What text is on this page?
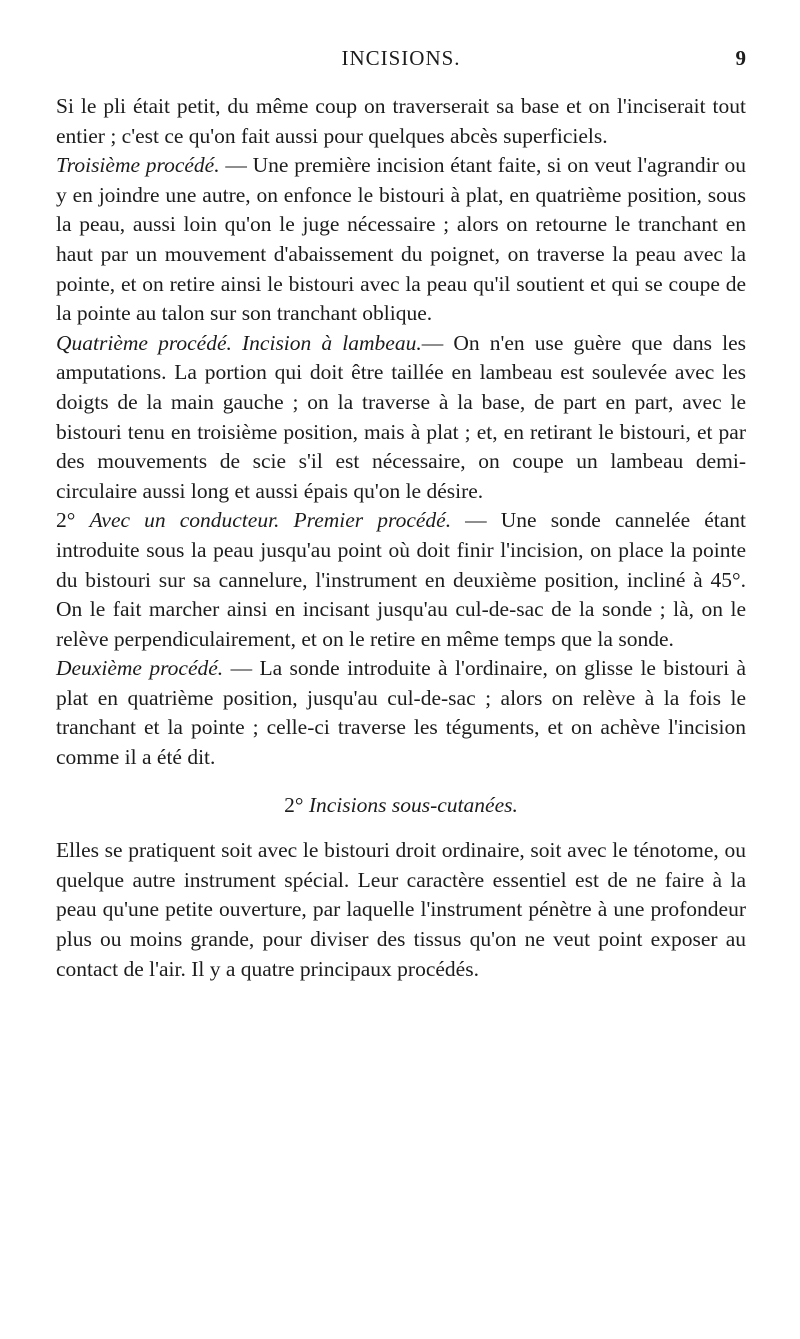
INCISIONS.	9

Si le pli était petit, du même coup on traverserait sa base et on l'inciserait tout entier ; c'est ce qu'on fait aussi pour quelques abcès superficiels.

Troisième procédé. — Une première incision étant faite, si on veut l'agrandir ou y en joindre une autre, on enfonce le bistouri à plat, en quatrième position, sous la peau, aussi loin qu'on le juge nécessaire ; alors on retourne le tranchant en haut par un mouvement d'abaissement du poignet, on traverse la peau avec la pointe, et on retire ainsi le bistouri avec la peau qu'il soutient et qui se coupe de la pointe au talon sur son tranchant oblique.

Quatrième procédé. Incision à lambeau.— On n'en use guère que dans les amputations. La portion qui doit être taillée en lambeau est soulevée avec les doigts de la main gauche ; on la traverse à la base, de part en part, avec le bistouri tenu en troisième position, mais à plat ; et, en retirant le bistouri, et par des mouvements de scie s'il est nécessaire, on coupe un lambeau demi-circulaire aussi long et aussi épais qu'on le désire.

2° Avec un conducteur. Premier procédé. — Une sonde cannelée étant introduite sous la peau jusqu'au point où doit finir l'incision, on place la pointe du bistouri sur sa cannelure, l'instrument en deuxième position, incliné à 45°. On le fait marcher ainsi en incisant jusqu'au cul-de-sac de la sonde ; là, on le relève perpendiculairement, et on le retire en même temps que la sonde.

Deuxième procédé. — La sonde introduite à l'ordinaire, on glisse le bistouri à plat en quatrième position, jusqu'au cul-de-sac ; alors on relève à la fois le tranchant et la pointe ; celle-ci traverse les téguments, et on achève l'incision comme il a été dit.

2° Incisions sous-cutanées.

Elles se pratiquent soit avec le bistouri droit ordinaire, soit avec le ténotome, ou quelque autre instrument spécial. Leur caractère essentiel est de ne faire à la peau qu'une petite ouverture, par laquelle l'instrument pénètre à une profondeur plus ou moins grande, pour diviser des tissus qu'on ne veut point exposer au contact de l'air. Il y a quatre principaux procédés.
